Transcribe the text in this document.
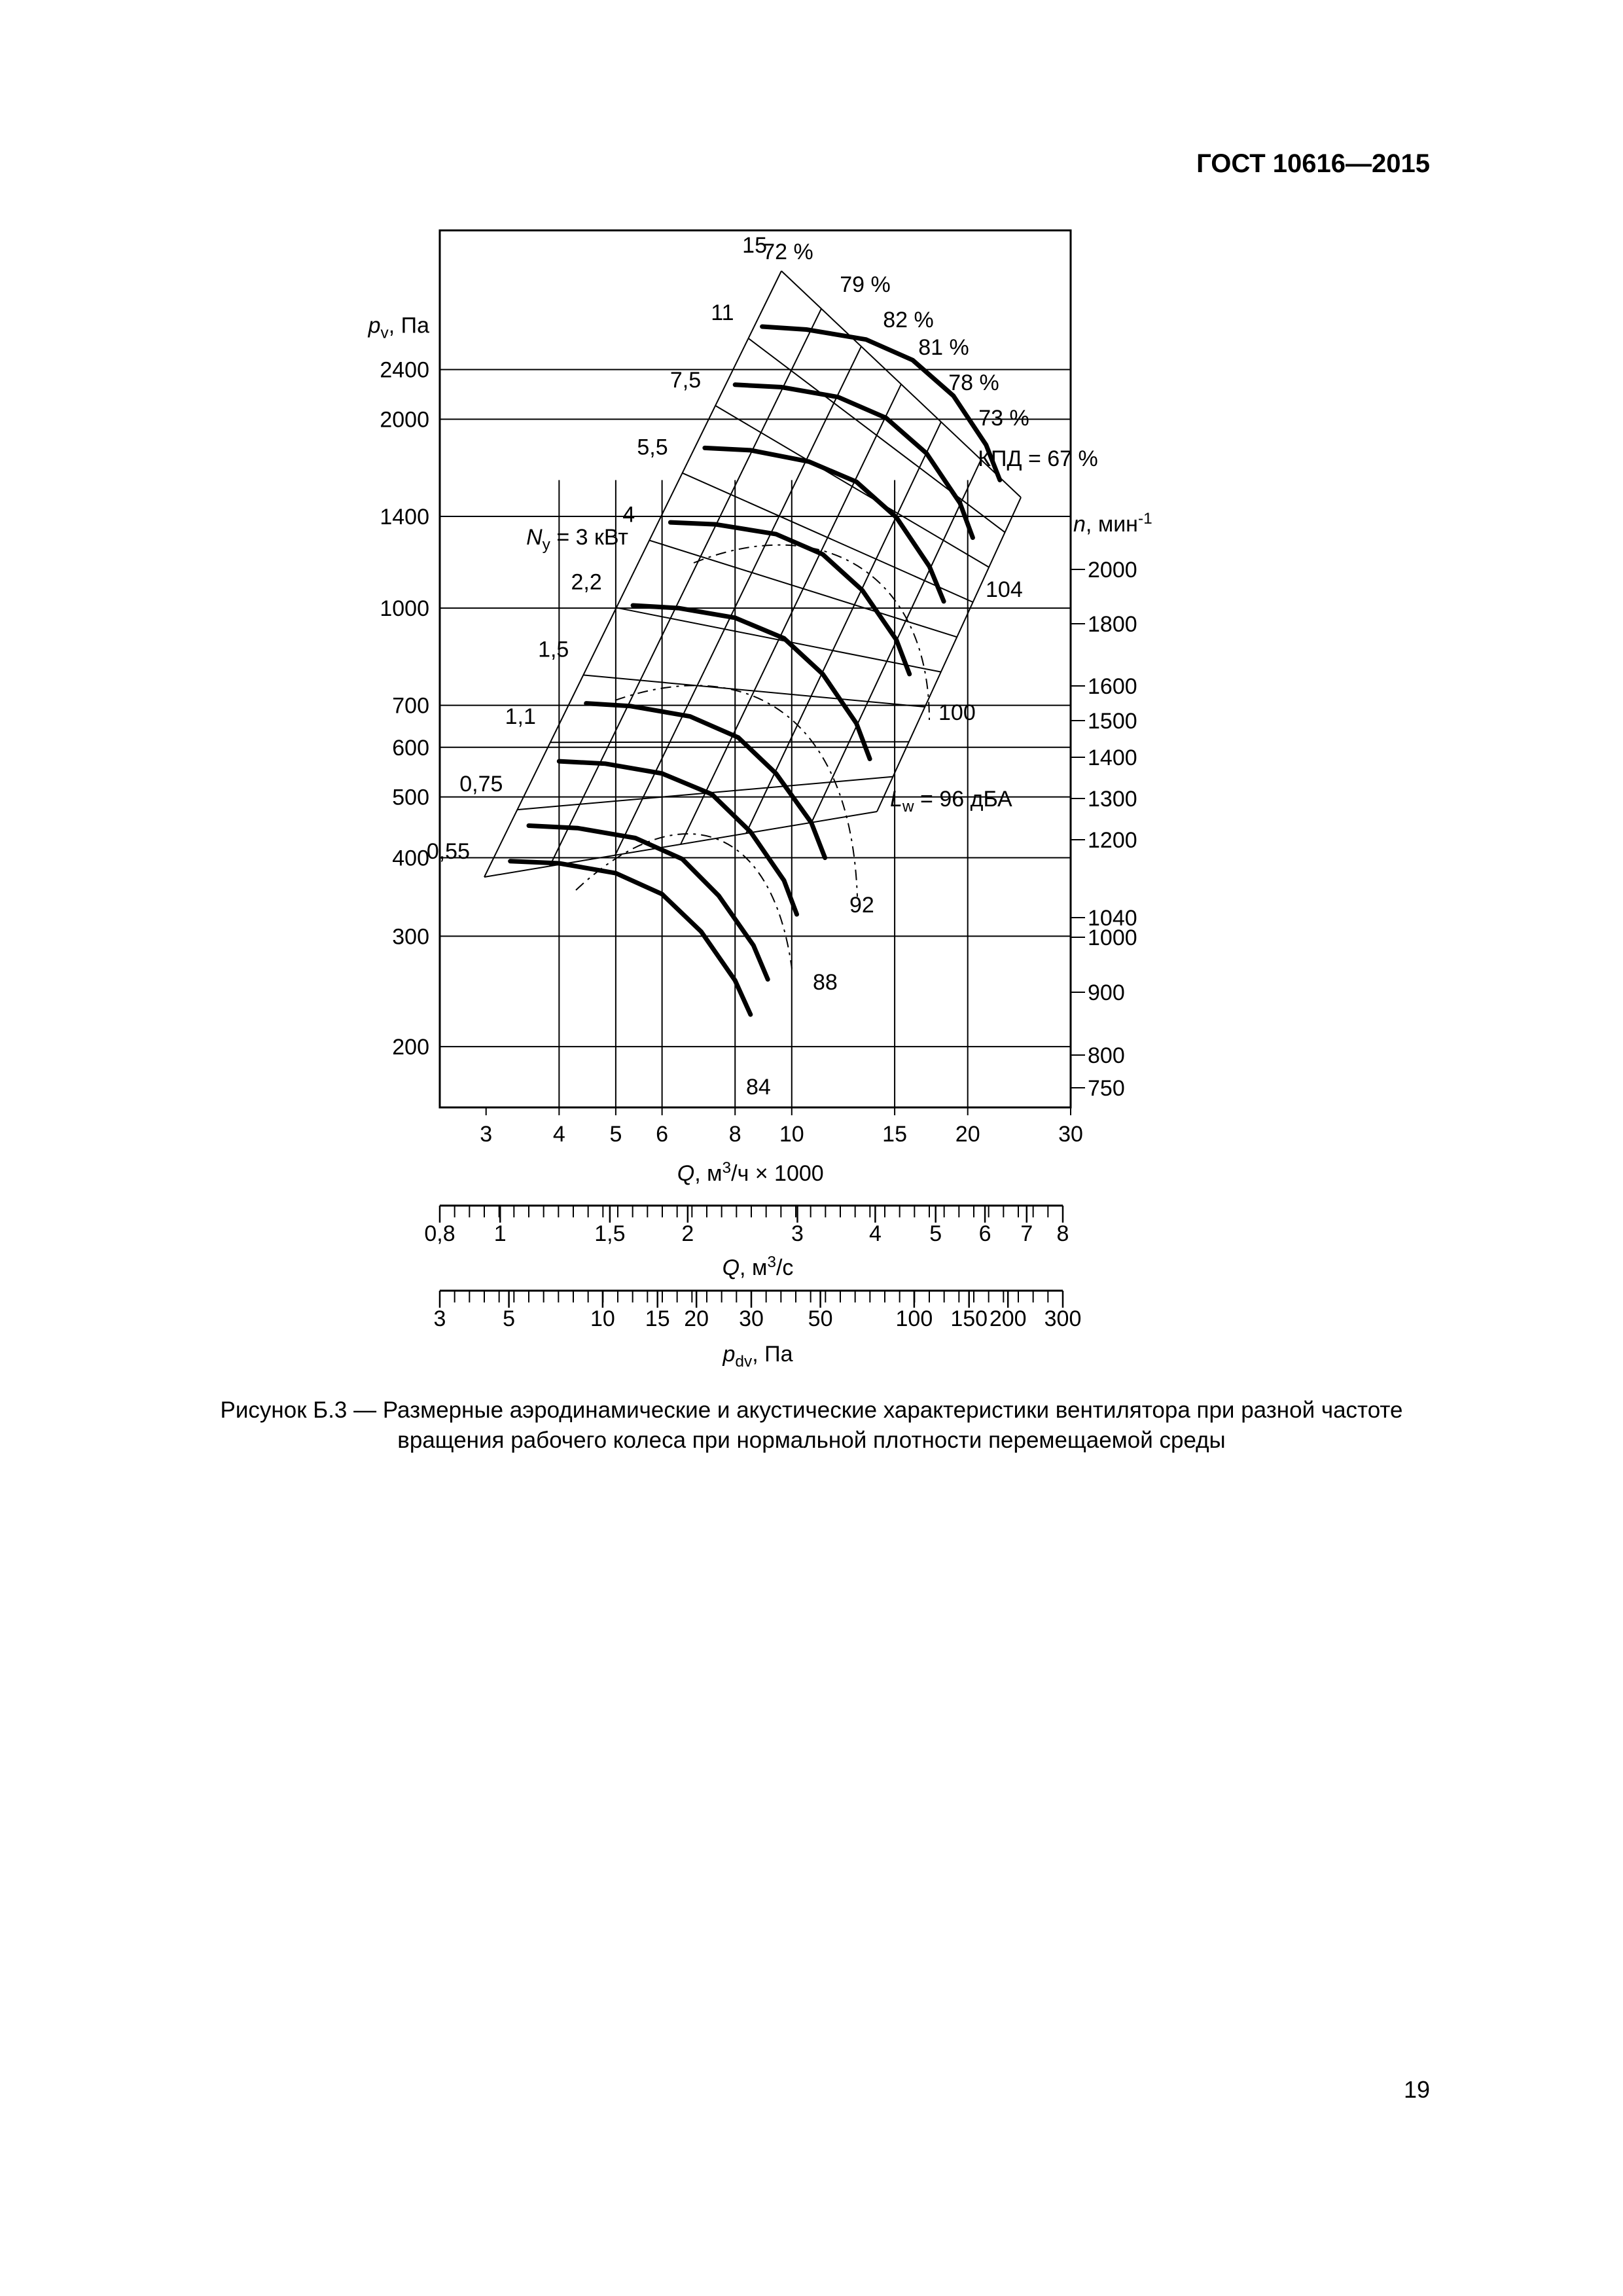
ГОСТ 10616—2015
3	4 5 6	8 10	15 20	30
Q, $м^3/ч \times 1000$
200
300
400
500
600
700
1000
1400
2000
2400
$p_v$, Па
750
800
900
1000
1040
1200
1300
1400
1500
1600
1800
2000
n, мин$^{-1}$
0,55
0,75
1,1
1,5
2,2
4
5,5
7,5
11
15
$N_y = 3$ кВт
72 %
79 %
82 %
81 %
78 %
73 %
КПД = 67 %
84
88
92
100
104
$L_w = 96$ дБА
0,8 1	1,5	2	3	4 5 6 7 8
Q, $м^3/с$
3	5	10 15 20 30 50	100 150 200 300
$p_{dv}$, Па
Рисунок Б.3 — Размерные аэродинамические и акустические характеристики вентилятора при разной частоте
вращения рабочего колеса при нормальной плотности перемещаемой среды
19
